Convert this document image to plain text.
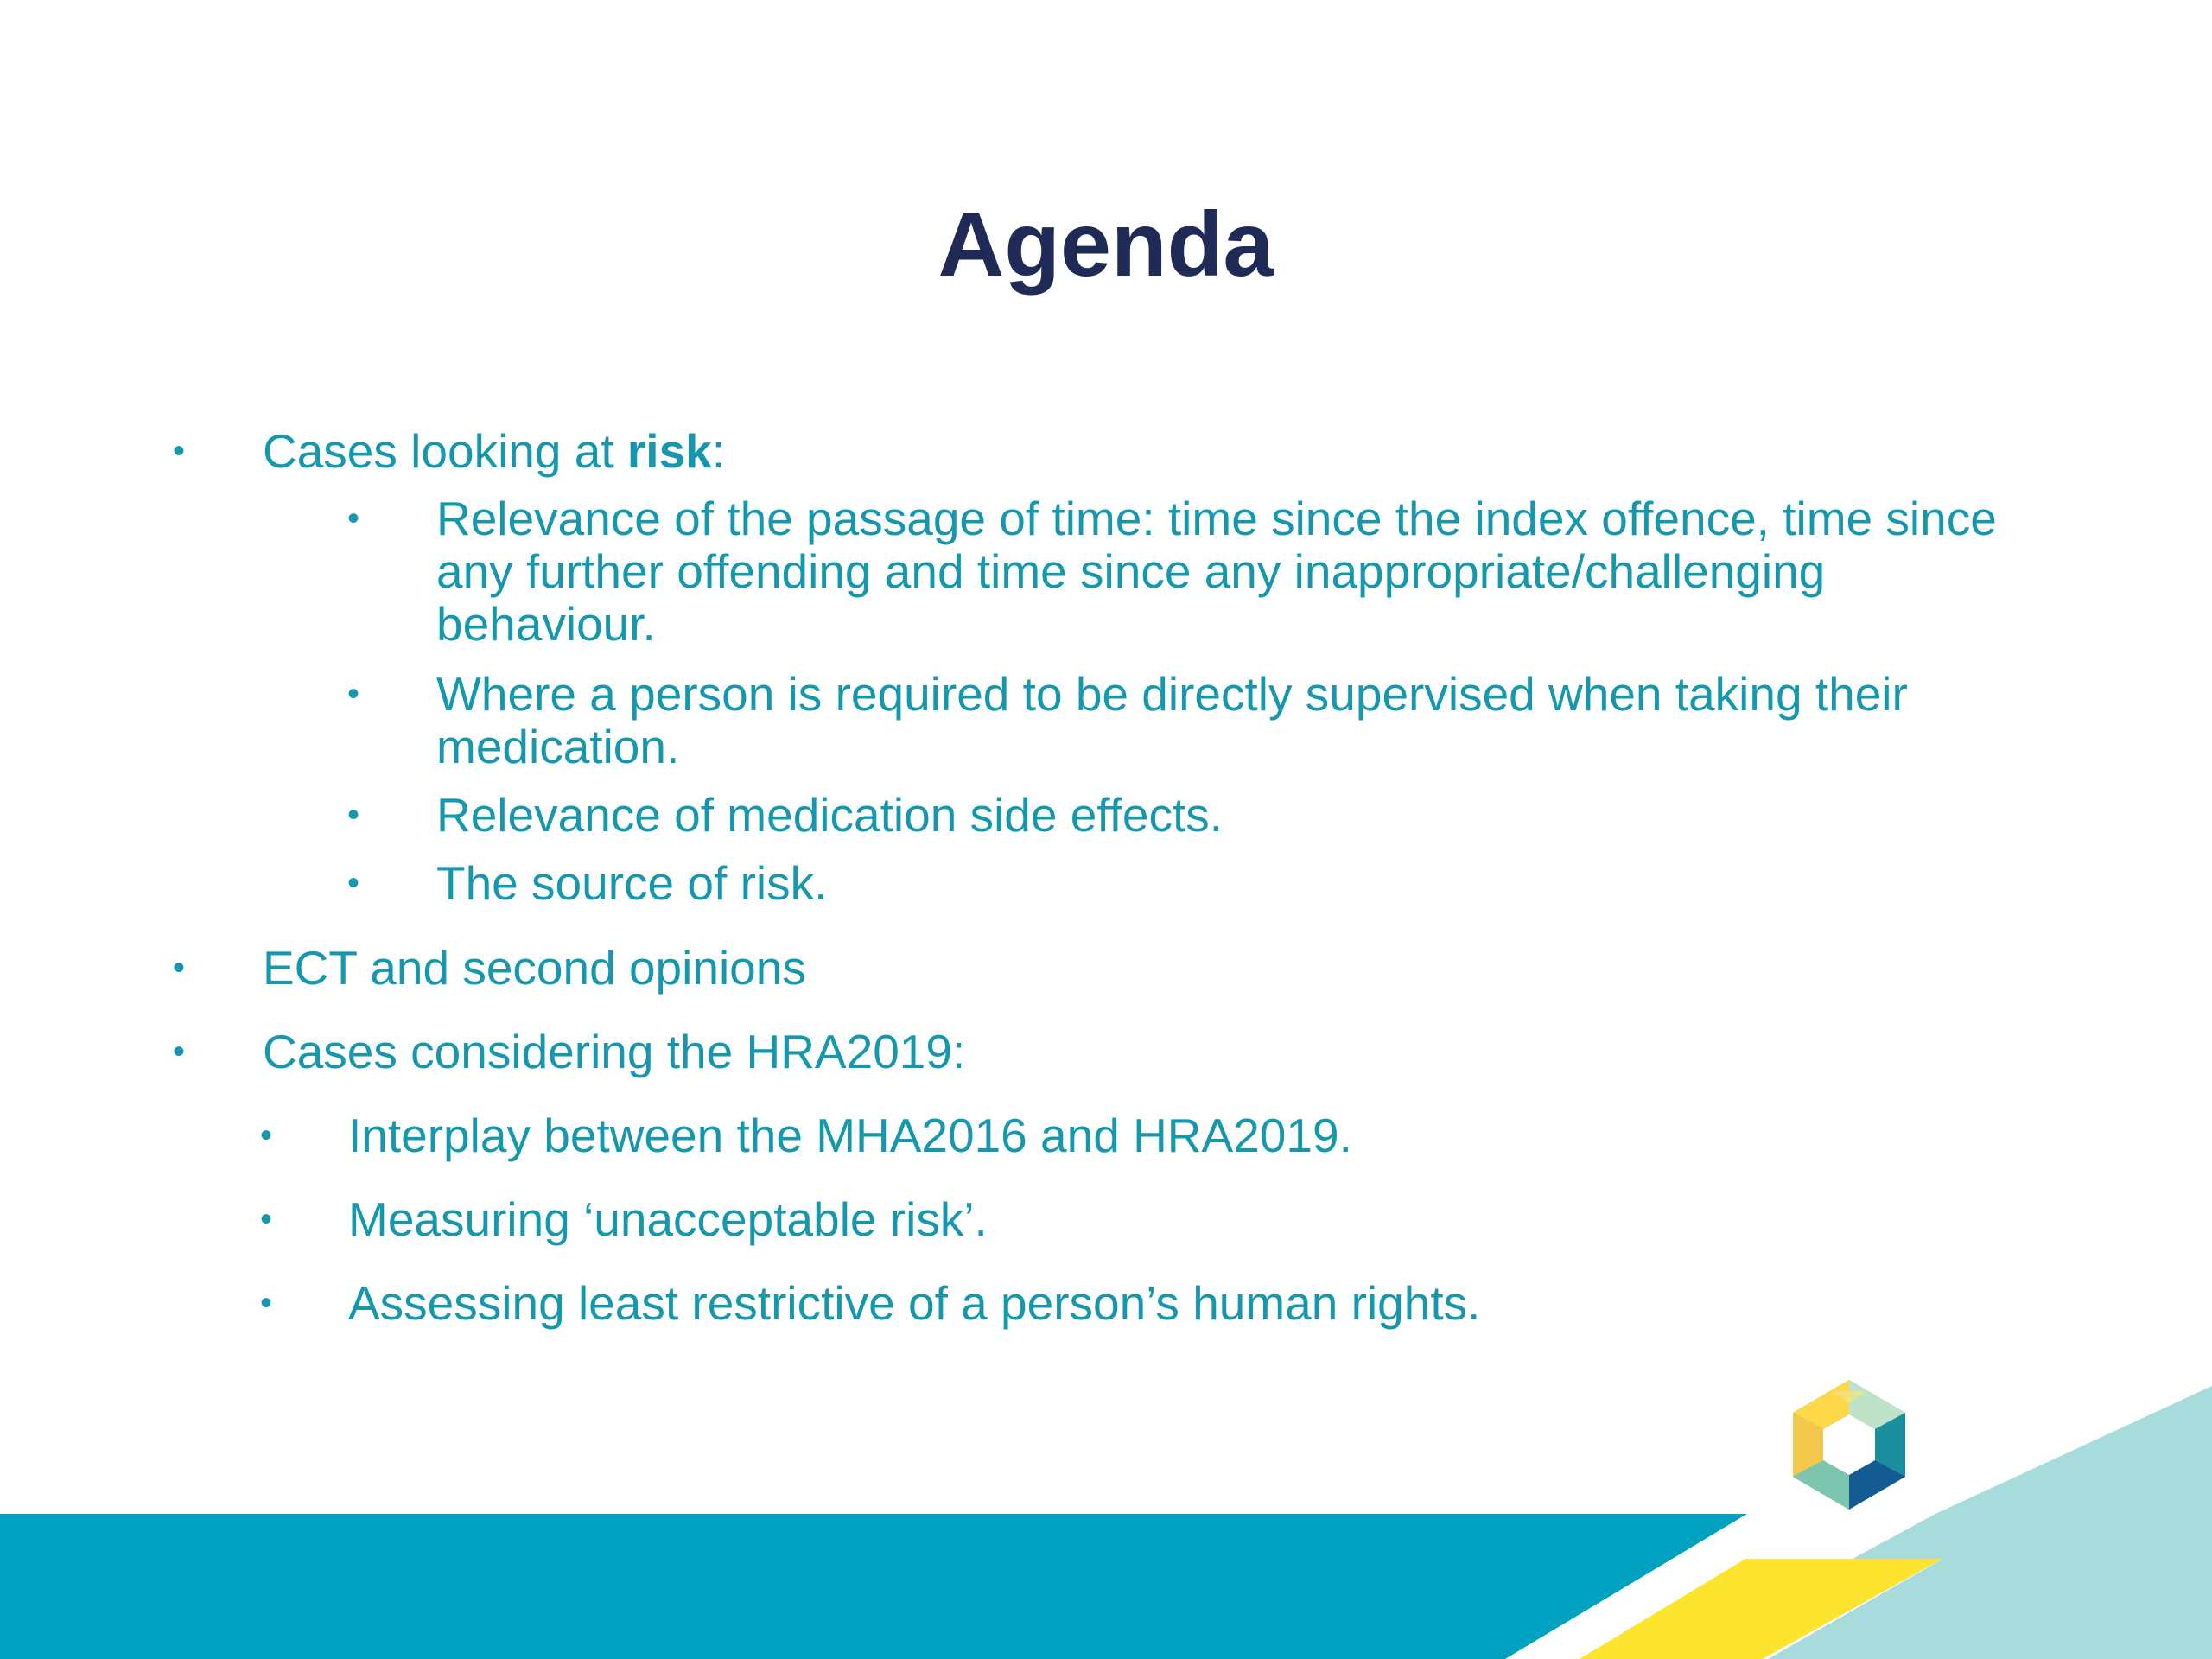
Agenda
• Cases looking at risk:
• Relevance of the passage of time: time since the index offence, time since any further offending and time since any inappropriate/challenging behaviour.
• Where a person is required to be directly supervised when taking their medication.
• Relevance of medication side effects.
• The source of risk.
• ECT and second opinions
• Cases considering the HRA2019:
• Interplay between the MHA2016 and HRA2019.
• Measuring ‘unacceptable risk’.
• Assessing least restrictive of a person’s human rights.
